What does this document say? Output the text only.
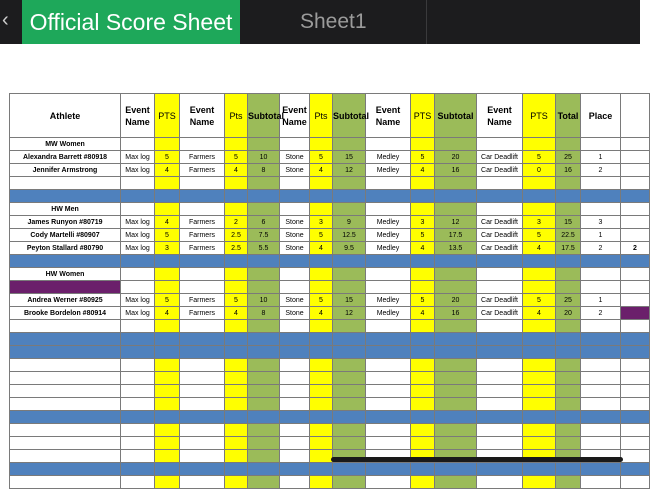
‹ Official Score Sheet	Sheet1
Athlete	Event Name	PTS	Event Name	Pts	Subtotal	Event Name	Pts	Subtotal	Event Name	PTS	Subtotal	Event Name	PTS	Total	Place	
MW Women																
Alexandra Barrett #80918	Max log	5	Farmers	5	10	Stone	5	15	Medley	5	20	Car Deadlift	5	25	1	
Jennifer Armstrong	Max log	4	Farmers	4	8	Stone	4	12	Medley	4	16	Car Deadlift	0	16	2	

HW Men																
James Runyon #80719	Max log	4	Farmers	2	6	Stone	3	9	Medley	3	12	Car Deadlift	3	15	3	
Cody Martelli #80907	Max log	5	Farmers	2.5	7.5	Stone	5	12.5	Medley	5	17.5	Car Deadlift	5	22.5	1	
Peyton Stallard #80790	Max log	3	Farmers	2.5	5.5	Stone	4	9.5	Medley	4	13.5	Car Deadlift	4	17.5	2	2

HW Women																

Andrea Werner #80925	Max log	5	Farmers	5	10	Stone	5	15	Medley	5	20	Car Deadlift	5	25	1	
Brooke Bordelon #80914	Max log	4	Farmers	4	8	Stone	4	12	Medley	4	16	Car Deadlift	4	20	2	
